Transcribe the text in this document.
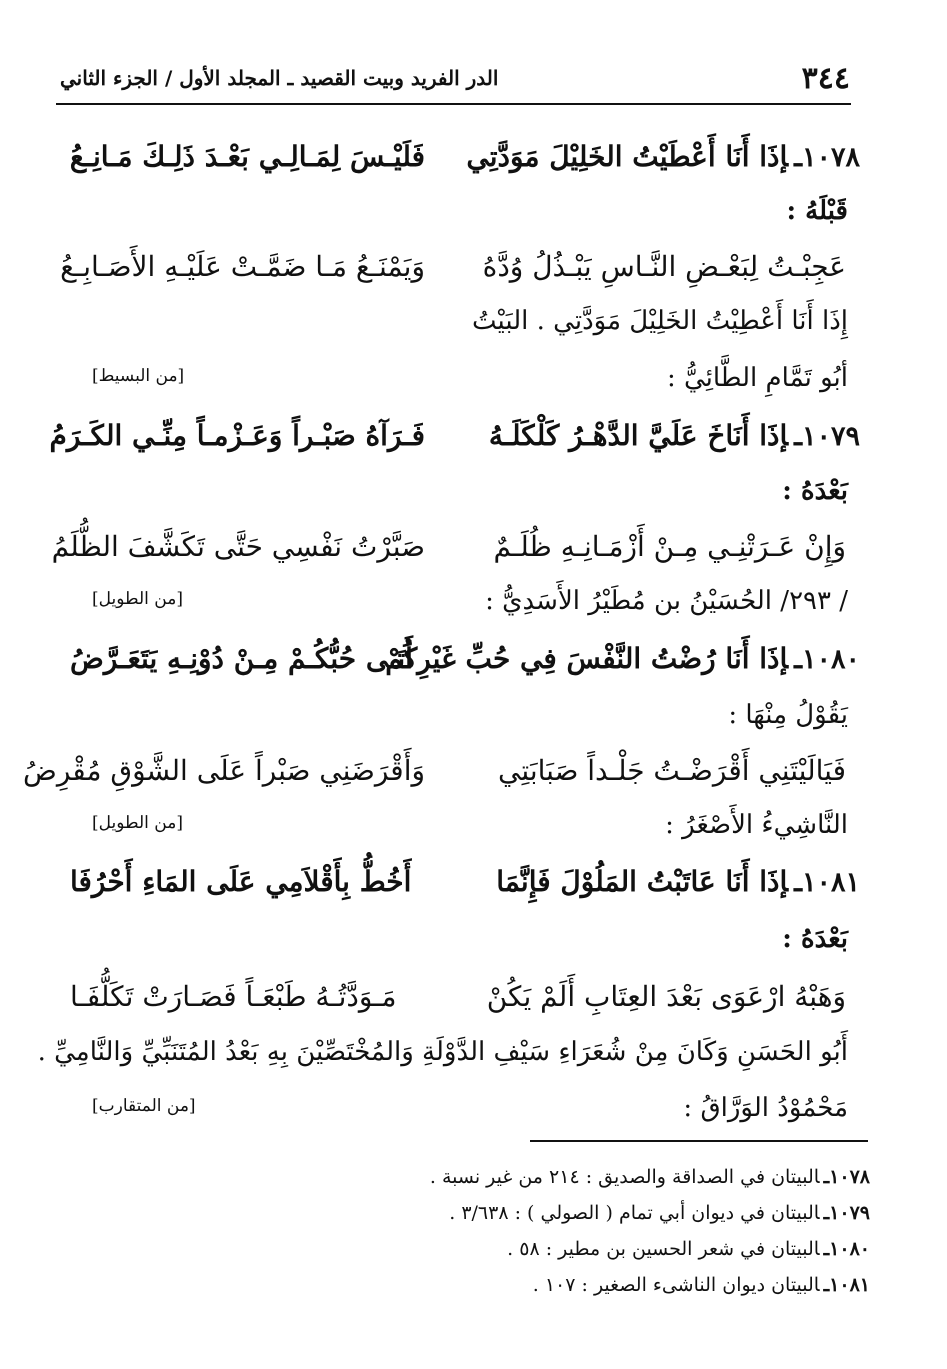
٣٤٤
الدر الفريد وبيت القصيد ـ المجلد الأول / الجزء الثاني
١٠٧٨ـإذَا أَنَا أَعْطَيْتُ الخَلِيْلَ مَوَدَّتِي
فَلَيْـسَ لِمَـالِـي بَعْـدَ ذَلِـكَ مَـانِـعُ
قَبْلَهُ :
عَجِبْـتُ لِبَعْـضِ النَّـاسِ يَبْـذُلُ وُدَّهُ
وَيَمْنَـعُ مَـا ضَمَّـتْ عَلَيْـهِ الأَصَـابِـعُ
إِذَا أَنَا أَعْطِيْتُ الخَلِيْلَ مَوَدَّتِي . البَيْتُ
أبُو تَمَّامِ الطَّائِيُّ :
[من البسيط]
١٠٧٩ـإذَا أَنَاخَ عَلَيَّ الدَّهْـرُ كَلْكَلَـهُ
فَـرَآهُ صَبْـراً وَعَـزْمـاً مِنِّـي الكَـرَمُ
بَعْدَهُ :
وَإِنْ عَـرَتْنِـي مِـنْ أَزْمَـانِـهِ ظُلَـمٌ
صَبَّرْتُ نَفْسِي حَتَّى تَكَشَّفَ الظُّلَمُ
/ ٢٩٣/ الحُسَيْنُ بن مُطَيْرُ الأَسَدِيُّ :
[من الطويل]
١٠٨٠ـإذَا أَنَا رُضْتُ النَّفْسَ فِي حُبِّ غَيْرِكُمْ
أَتَـى حُبُّكُـمْ مِـنْ دُوْنِـهِ يَتَعَـرَّضُ
يَقُوْلُ مِنْهَا :
فَيَالَيْتَنِي أَقْرَضْـتُ جَلْـداً صَبَابَتِي
وَأَقْرَضَنِي صَبْراً عَلَى الشَّوْقِ مُقْرِضُ
النَّاشِيءُ الأَصْغَرُ :
[من الطويل]
١٠٨١ـإذَا أَنَا عَاتَبْتُ المَلُوْلَ فَإِنَّمَا
أَخُطُّ بِأَقْلاَمِي عَلَى المَاءِ أَحْرُفَا
بَعْدَهُ :
وَهَبْهُ ارْعَوَى بَعْدَ العِتَابِ أَلَمْ يَكُنْ
مَـوَدَّتُـهُ طَبْعَـاً فَصَـارَتْ تَكَلُّفَـا
أَبُو الحَسَنِ وَكَانَ مِنْ شُعَرَاءِ سَيْفِ الدَّوْلَةِ وَالمُخْتَصِّيْنَ بِهِ بَعْدُ المُتَنَبِّيِّ وَالنَّامِيِّ .
مَحْمُوْدُ الوَرَّاقُ :
[من المتقارب]
١٠٧٨ـالبيتان في الصداقة والصديق : ٢١٤ من غير نسبة .
١٠٧٩ـالبيتان في ديوان أبي تمام ( الصولي ) : ٣/٦٣٨ .
١٠٨٠ـالبيتان في شعر الحسين بن مطير : ٥٨ .
١٠٨١ـالبيتان ديوان الناشىء الصغير : ١٠٧ .
